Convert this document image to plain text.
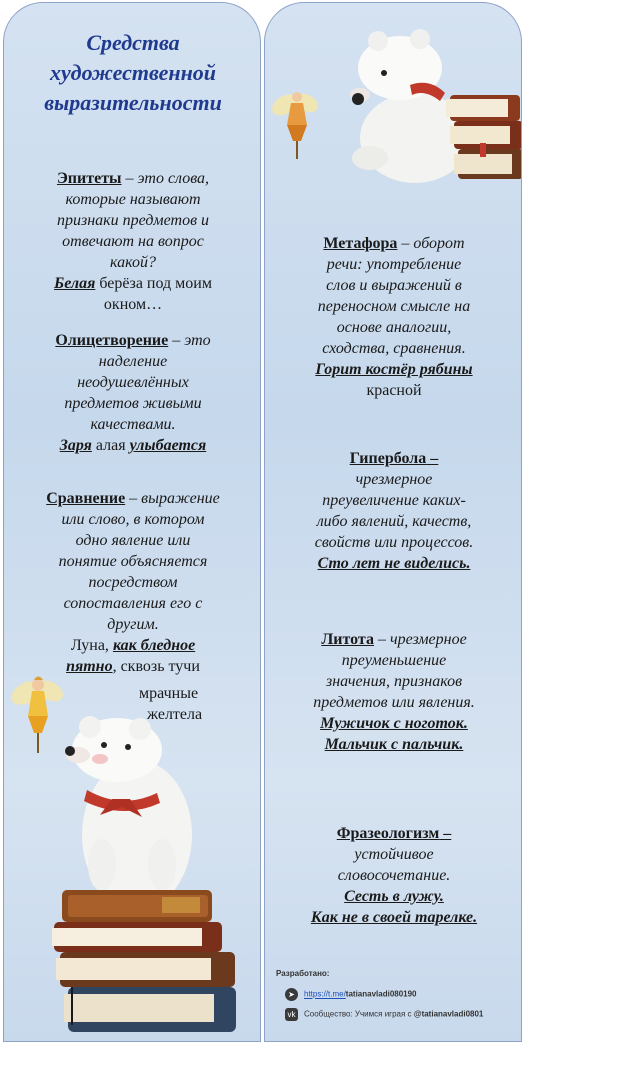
Средства
художественной
выразительности
Эпитеты – это слова,
которые называют
признаки предметов и
отвечают на вопрос
какой?
Белая берёза под моим
окном…
Олицетворение – это
наделение
неодушевлённых
предметов живыми
качествами.
Заря алая улыбается
Сравнение – выражение
или слово, в котором
одно явление или
понятие объясняется
посредством
сопоставления его с
другим.
Луна, как бледное
пятно, сквозь тучи
мрачные
желтела
Метафора – оборот
речи: употребление
слов и выражений в
переносном смысле на
основе аналогии,
сходства, сравнения.
Горит костёр рябины
красной
Гипербола –
чрезмерное
преувеличение каких-
либо явлений, качеств,
свойств или процессов.
Сто лет не виделись.
Литота – чрезмерное
преуменьшение
значения, признаков
предметов или явления.
Мужичок с ноготок.
Мальчик с пальчик.
Фразеологизм –
устойчивое
словосочетание.
Сесть в лужу.
Как не в своей тарелке.
Разработано:
➤ https://t.me/tatianavladi080190
vk Сообщество: Учимся играя с @tatianavladi0801
